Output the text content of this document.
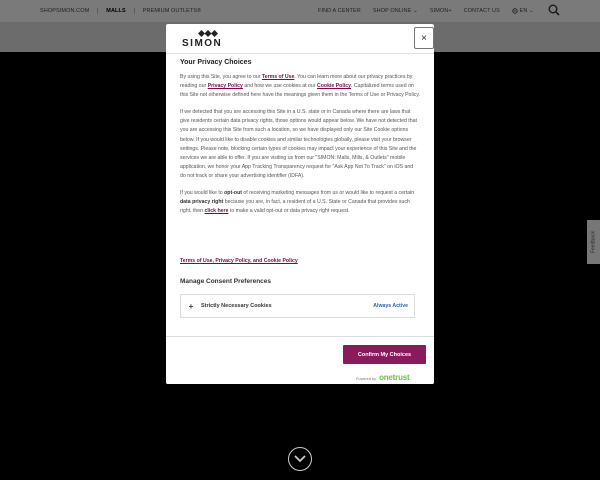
SIMON	×
Your Privacy Choices

By using this Site, you agree to our Terms of Use. You can learn more about our privacy practices by reading our Privacy Policy and how we use cookies at our Cookie Policy. Capitalized terms used on this Site not otherwise defined here have the meanings given them in the Terms of Use or Privacy Policy.

If we detected that you are accessing this Site in a U.S. state or in Canada where there are laws that give residents certain data privacy rights, those options would appear below. We have not detected that you are accessing this Site from such a location, so we have displayed only our Site Cookie options below. If you would like to disable cookies and similar technologies globally, please visit your browser settings. Please note, blocking certain types of cookies may impact your experience of this Site and the services we are able to offer. If you are visiting us from our "SIMON: Malls, Mills, & Outlets" mobile application, we honor your App Tracking Transparency request for "Ask App Not To Track" on iOS and do not track or share your advertising identifier (IDFA).

If you would like to opt-out of receiving marketing messages from us or would like to request a certain data privacy right because you are, in fact, a resident of a U.S. State or Canada that provides such right, then click here to make a valid opt-out or data privacy right request.

Terms of Use, Privacy Policy, and Cookie Policy
Manage Consent Preferences
+	Strictly Necessary Cookies	Always Active
Confirm My Choices
Powered by onetrust
